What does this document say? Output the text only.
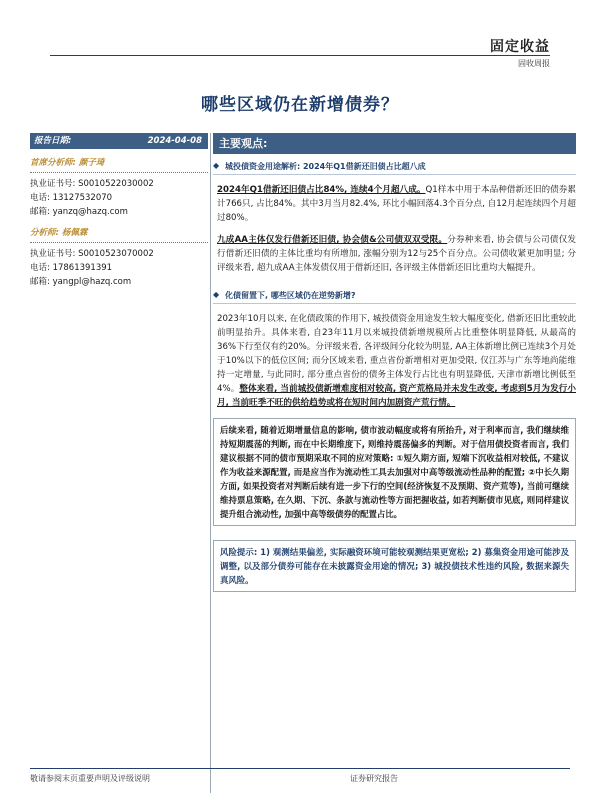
固定收益
固收周报
哪些区域仍在新增债券？
报告日期:	2024-04-08
首席分析师: 颜子琦
执业证书号: S0010522030002
电话: 13127532070
邮箱: yanzq@hazq.com
分析师: 杨佩霖
执业证书号: S0010523070002
电话: 17861391391
邮箱: yangpl@hazq.com
主要观点:
◆ 城投债资金用途解析: 2024年Q1借新还旧债占比超八成
2024年Q1借新还旧债占比84%, 连续4个月超八成。Q1样本中用于本品种借新还旧的债券累计766只, 占比84%。其中3月当月82.4%, 环比小幅回落4.3个百分点, 自12月起连续四个月超过80%。
九成AA主体仅发行借新还旧债, 协会债&公司债双双受限。分券种来看, 协会债与公司债仅发行借新还旧债的主体比重均有所增加, 涨幅分别为12与25个百分点。公司债收紧更加明显; 分评级来看, 超九成AA主体发债仅用于借新还旧, 各评级主体借新还旧比重均大幅提升。
◆ 化债留置下, 哪些区域仍在逆势新增?
2023年10月以来, 在化债政策的作用下, 城投债资金用途发生较大幅度变化, 借新还旧比重较此前明显抬升。具体来看, 自23年11月以来城投债新增规模所占比重整体明显降低, 从最高的36%下行至仅有约20%。分评级来看, 各评级间分化较为明显, AA主体新增比例已连续3个月处于10%以下的低位区间; 而分区域来看, 重点省份新增相对更加受限, 仅江苏与广东等地尚能维持一定增量, 与此同时, 部分重点省份的债务主体发行占比也有明显降低, 天津市新增比例低至4%。整体来看, 当前城投债新增难度相对较高, 资产荒格局并未发生改变, 考虑到5月为发行小月, 当前旺季不旺的供给趋势或将在短时间内加剧资产荒行情。
后续来看, 随着近期增量信息的影响, 债市波动幅度或将有所抬升, 对于利率而言, 我们继续维持短期震荡的判断, 而在中长期维度下, 则维持震荡偏多的判断。对于信用债投资者而言, 我们建议根据不同的债市预期采取不同的应对策略: ①短久期方面, 短端下沉收益相对较低, 不建议作为收益来源配置, 而是应当作为流动性工具去加强对中高等级流动性品种的配置; ②中长久期方面, 如果投资者对判断后续有进一步下行的空间(经济恢复不及预期、资产荒等), 当前可继续维持票息策略, 在久期、下沉、条款与流动性等方面把握收益, 如若判断债市见底, 则同样建议提升组合流动性, 加强中高等级债券的配置占比。
风险提示: 1) 观测结果偏差, 实际融资环境可能较观测结果更宽松; 2) 募集资金用途可能涉及调整, 以及部分债券可能存在未披露资金用途的情况; 3) 城投债技术性违约风险, 数据来源失真风险。
敬请参阅末页重要声明及评级说明	证券研究报告
